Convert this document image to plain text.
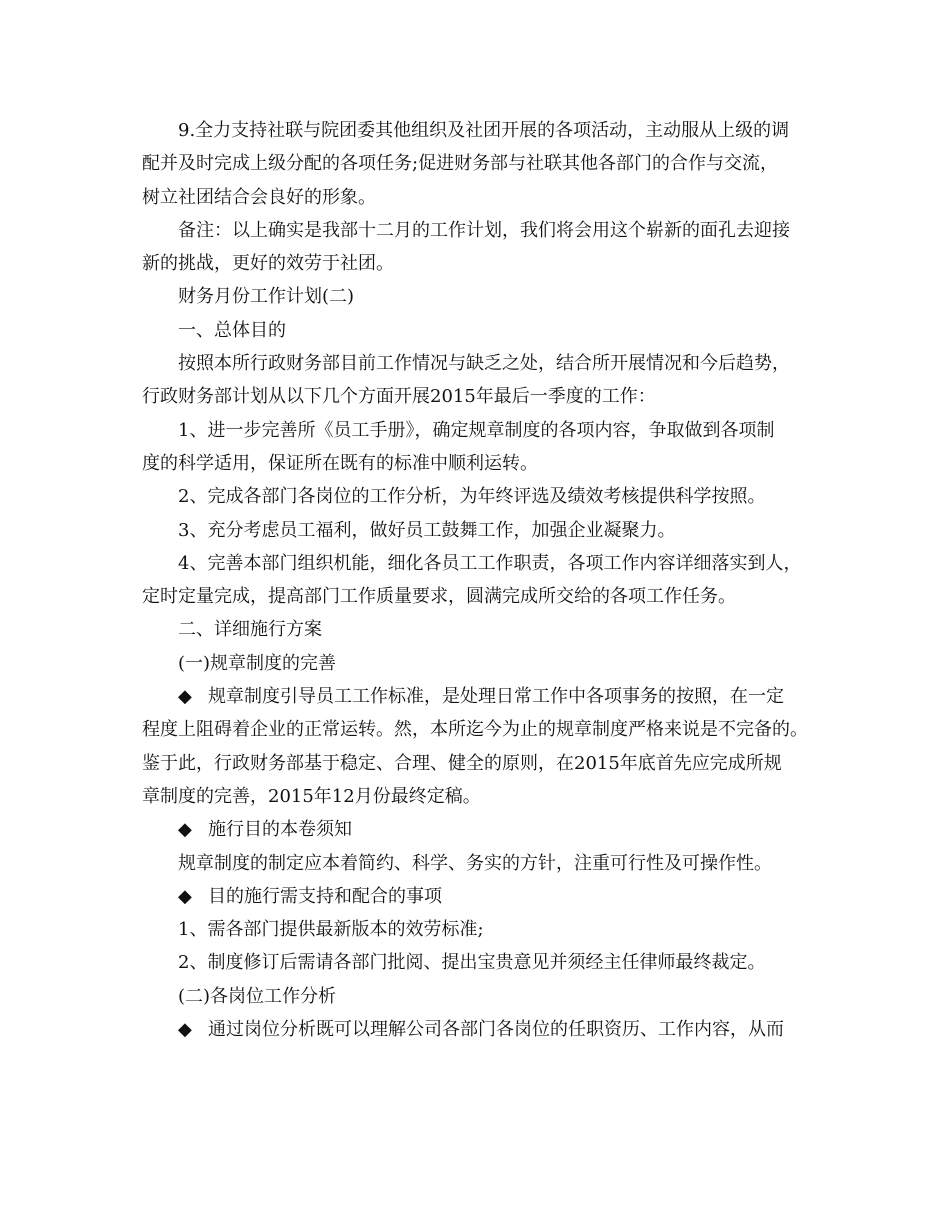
9.全力支持社联与院团委其他组织及社团开展的各项活动，主动服从上级的调
配并及时完成上级分配的各项任务;促进财务部与社联其他各部门的合作与交流，
树立社团结合会良好的形象。
备注：以上确实是我部十二月的工作计划，我们将会用这个崭新的面孔去迎接
新的挑战，更好的效劳于社团。
财务月份工作计划(二)
一、总体目的
按照本所行政财务部目前工作情况与缺乏之处，结合所开展情况和今后趋势，
行政财务部计划从以下几个方面开展2015年最后一季度的工作：
1、进一步完善所《员工手册》，确定规章制度的各项内容，争取做到各项制
度的科学适用，保证所在既有的标准中顺利运转。
2、完成各部门各岗位的工作分析，为年终评选及绩效考核提供科学按照。
3、充分考虑员工福利，做好员工鼓舞工作，加强企业凝聚力。
4、完善本部门组织机能，细化各员工工作职责，各项工作内容详细落实到人，
定时定量完成，提高部门工作质量要求，圆满完成所交给的各项工作任务。
二、详细施行方案
(一)规章制度的完善
◆ 规章制度引导员工工作标准，是处理日常工作中各项事务的按照，在一定
程度上阻碍着企业的正常运转。然，本所迄今为止的规章制度严格来说是不完备的。
鉴于此，行政财务部基于稳定、合理、健全的原则，在2015年底首先应完成所规
章制度的完善，2015年12月份最终定稿。
◆ 施行目的本卷须知
规章制度的制定应本着简约、科学、务实的方针，注重可行性及可操作性。
◆ 目的施行需支持和配合的事项
1、需各部门提供最新版本的效劳标准;
2、制度修订后需请各部门批阅、提出宝贵意见并须经主任律师最终裁定。
(二)各岗位工作分析
◆ 通过岗位分析既可以理解公司各部门各岗位的任职资历、工作内容，从而
